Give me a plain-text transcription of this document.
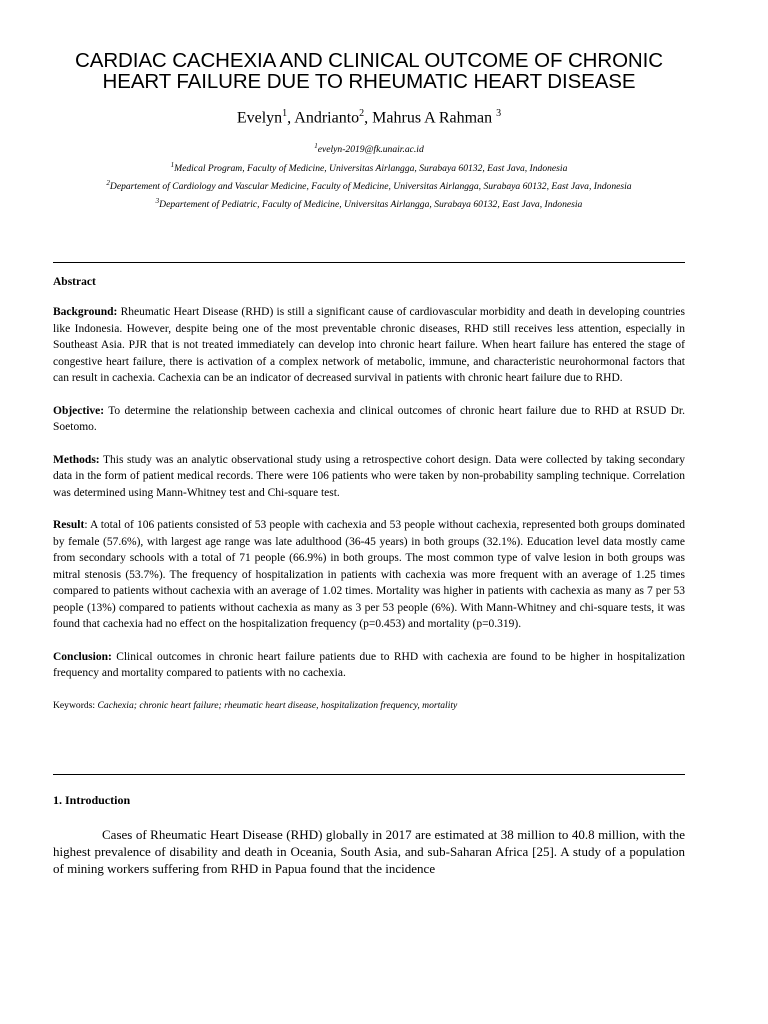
CARDIAC CACHEXIA AND CLINICAL OUTCOME OF CHRONIC HEART FAILURE DUE TO RHEUMATIC HEART DISEASE
Evelyn$^1$, Andrianto$^2$, Mahrus A Rahman $^3$
$^1$evelyn-2019@fk.unair.ac.id
$^1$Medical Program, Faculty of Medicine, Universitas Airlangga, Surabaya 60132, East Java, Indonesia
$^2$Departement of Cardiology and Vascular Medicine, Faculty of Medicine, Universitas Airlangga, Surabaya 60132, East Java, Indonesia
$^3$Departement of Pediatric, Faculty of Medicine, Universitas Airlangga, Surabaya 60132, East Java, Indonesia
Abstract

Background: Rheumatic Heart Disease (RHD) is still a significant cause of cardiovascular morbidity and death in developing countries like Indonesia. However, despite being one of the most preventable chronic diseases, RHD still receives less attention, especially in Southeast Asia. PJR that is not treated immediately can develop into chronic heart failure. When heart failure has entered the stage of congestive heart failure, there is activation of a complex network of metabolic, immune, and characteristic neurohormonal factors that can result in cachexia. Cachexia can be an indicator of decreased survival in patients with chronic heart failure due to RHD.

Objective: To determine the relationship between cachexia and clinical outcomes of chronic heart failure due to RHD at RSUD Dr. Soetomo.

Methods: This study was an analytic observational study using a retrospective cohort design. Data were collected by taking secondary data in the form of patient medical records. There were 106 patients who were taken by non-probability sampling technique. Correlation was determined using Mann-Whitney test and Chi-square test.

Result: A total of 106 patients consisted of 53 people with cachexia and 53 people without cachexia, represented both groups dominated by female (57.6%), with largest age range was late adulthood (36-45 years) in both groups (32.1%). Education level data mostly came from secondary schools with a total of 71 people (66.9%) in both groups. The most common type of valve lesion in both groups was mitral stenosis (53.7%). The frequency of hospitalization in patients with cachexia was more frequent with an average of 1.25 times compared to patients without cachexia with an average of 1.02 times. Mortality was higher in patients with cachexia as many as 7 per 53 people (13%) compared to patients without cachexia as many as 3 per 53 people (6%). With Mann-Whitney and chi-square tests, it was found that cachexia had no effect on the hospitalization frequency (p=0.453) and mortality (p=0.319).

Conclusion: Clinical outcomes in chronic heart failure patients due to RHD with cachexia are found to be higher in hospitalization frequency and mortality compared to patients with no cachexia.

Keywords: Cachexia; chronic heart failure; rheumatic heart disease, hospitalization frequency, mortality

1. Introduction

Cases of Rheumatic Heart Disease (RHD) globally in 2017 are estimated at 38 million to 40.8 million, with the highest prevalence of disability and death in Oceania, South Asia, and sub-Saharan Africa [25]. A study of a population of mining workers suffering from RHD in Papua found that the incidence
